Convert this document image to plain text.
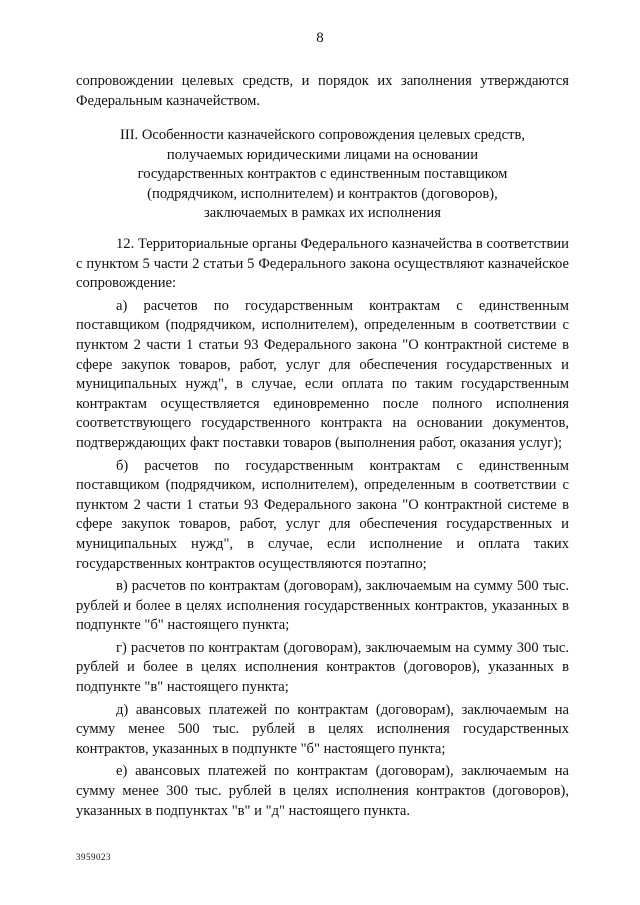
8

сопровождении целевых средств, и порядок их заполнения утверждаются Федеральным казначейством.

III. Особенности казначейского сопровождения целевых средств,
получаемых юридическими лицами на основании
государственных контрактов с единственным поставщиком
(подрядчиком, исполнителем) и контрактов (договоров),
заключаемых в рамках их исполнения

12. Территориальные органы Федерального казначейства в соответствии с пунктом 5 части 2 статьи 5 Федерального закона осуществляют казначейское сопровождение:

а) расчетов по государственным контрактам с единственным поставщиком (подрядчиком, исполнителем), определенным в соответствии с пунктом 2 части 1 статьи 93 Федерального закона "О контрактной системе в сфере закупок товаров, работ, услуг для обеспечения государственных и муниципальных нужд", в случае, если оплата по таким государственным контрактам осуществляется единовременно после полного исполнения соответствующего государственного контракта на основании документов, подтверждающих факт поставки товаров (выполнения работ, оказания услуг);

б) расчетов по государственным контрактам с единственным поставщиком (подрядчиком, исполнителем), определенным в соответствии с пунктом 2 части 1 статьи 93 Федерального закона "О контрактной системе в сфере закупок товаров, работ, услуг для обеспечения государственных и муниципальных нужд", в случае, если исполнение и оплата таких государственных контрактов осуществляются поэтапно;

в) расчетов по контрактам (договорам), заключаемым на сумму 500 тыс. рублей и более в целях исполнения государственных контрактов, указанных в подпункте "б" настоящего пункта;

г) расчетов по контрактам (договорам), заключаемым на сумму 300 тыс. рублей и более в целях исполнения контрактов (договоров), указанных в подпункте "в" настоящего пункта;

д) авансовых платежей по контрактам (договорам), заключаемым на сумму менее 500 тыс. рублей в целях исполнения государственных контрактов, указанных в подпункте "б" настоящего пункта;

е) авансовых платежей по контрактам (договорам), заключаемым на сумму менее 300 тыс. рублей в целях исполнения контрактов (договоров), указанных в подпунктах "в" и "д" настоящего пункта.

3959023
